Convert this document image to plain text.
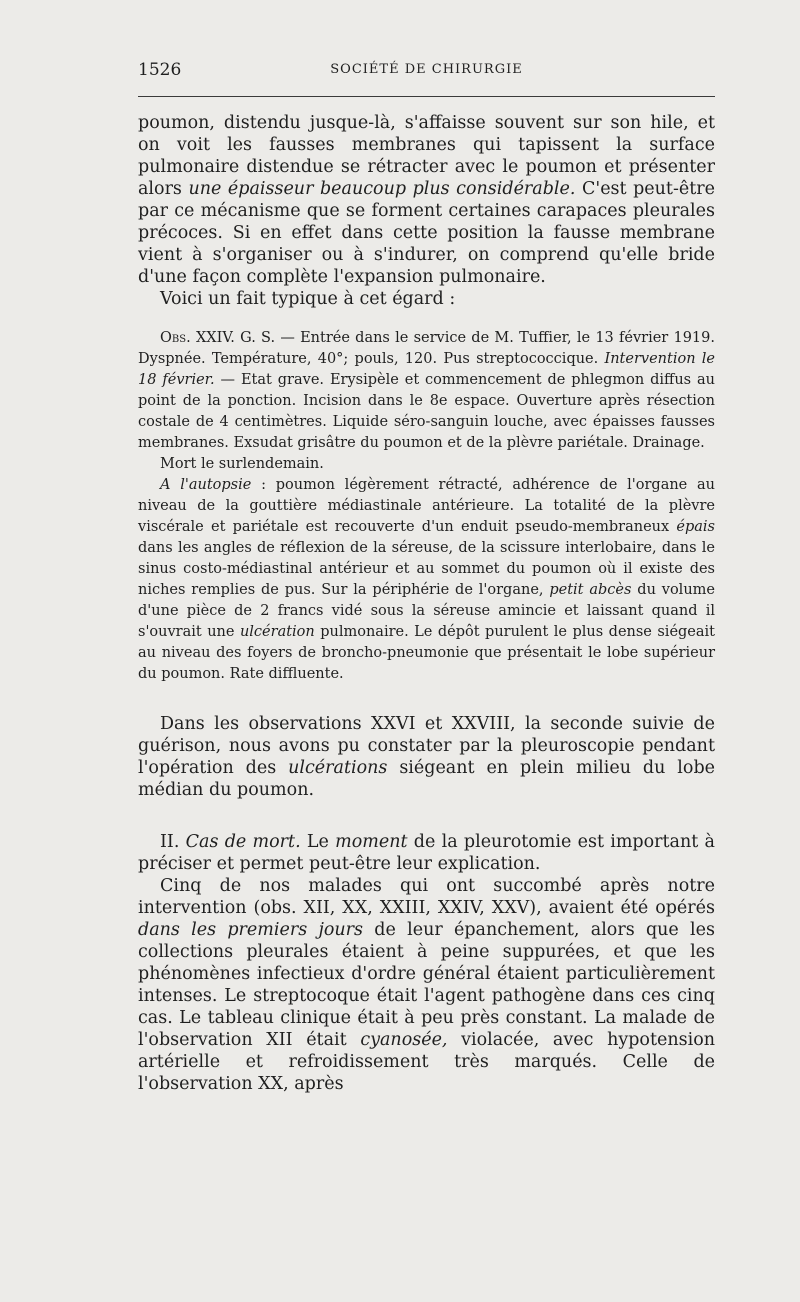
1526	SOCIÉTÉ DE CHIRURGIE

poumon, distendu jusque-là, s'affaisse souvent sur son hile, et on voit les fausses membranes qui tapissent la surface pulmonaire distendue se rétracter avec le poumon et présenter alors une épaisseur beaucoup plus considérable. C'est peut-être par ce mécanisme que se forment certaines carapaces pleurales précoces. Si en effet dans cette position la fausse membrane vient à s'organiser ou à s'indurer, on comprend qu'elle bride d'une façon complète l'expansion pulmonaire.

Voici un fait typique à cet égard :

Obs. XXIV. G. S. — Entrée dans le service de M. Tuffier, le 13 février 1919. Dyspnée. Température, 40°; pouls, 120. Pus streptococcique. Intervention le 18 février. — Etat grave. Erysipèle et commencement de phlegmon diffus au point de la ponction. Incision dans le 8e espace. Ouverture après résection costale de 4 centimètres. Liquide séro-sanguin louche, avec épaisses fausses membranes. Exsudat grisâtre du poumon et de la plèvre pariétale. Drainage.

Mort le surlendemain.

A l'autopsie : poumon légèrement rétracté, adhérence de l'organe au niveau de la gouttière médiastinale antérieure. La totalité de la plèvre viscérale et pariétale est recouverte d'un enduit pseudo-membraneux épais dans les angles de réflexion de la séreuse, de la scissure interlobaire, dans le sinus costo-médiastinal antérieur et au sommet du poumon où il existe des niches remplies de pus. Sur la périphérie de l'organe, petit abcès du volume d'une pièce de 2 francs vidé sous la séreuse amincie et laissant quand il s'ouvrait une ulcération pulmonaire. Le dépôt purulent le plus dense siégeait au niveau des foyers de broncho-pneumonie que présentait le lobe supérieur du poumon. Rate diffluente.

Dans les observations XXVI et XXVIII, la seconde suivie de guérison, nous avons pu constater par la pleuroscopie pendant l'opération des ulcérations siégeant en plein milieu du lobe médian du poumon.

II. Cas de mort. Le moment de la pleurotomie est important à préciser et permet peut-être leur explication.

Cinq de nos malades qui ont succombé après notre intervention (obs. XII, XX, XXIII, XXIV, XXV), avaient été opérés dans les premiers jours de leur épanchement, alors que les collections pleurales étaient à peine suppurées, et que les phénomènes infectieux d'ordre général étaient particulièrement intenses. Le streptocoque était l'agent pathogène dans ces cinq cas. Le tableau clinique était à peu près constant. La malade de l'observation XII était cyanosée, violacée, avec hypotension artérielle et refroidissement très marqués. Celle de l'observation XX, après
